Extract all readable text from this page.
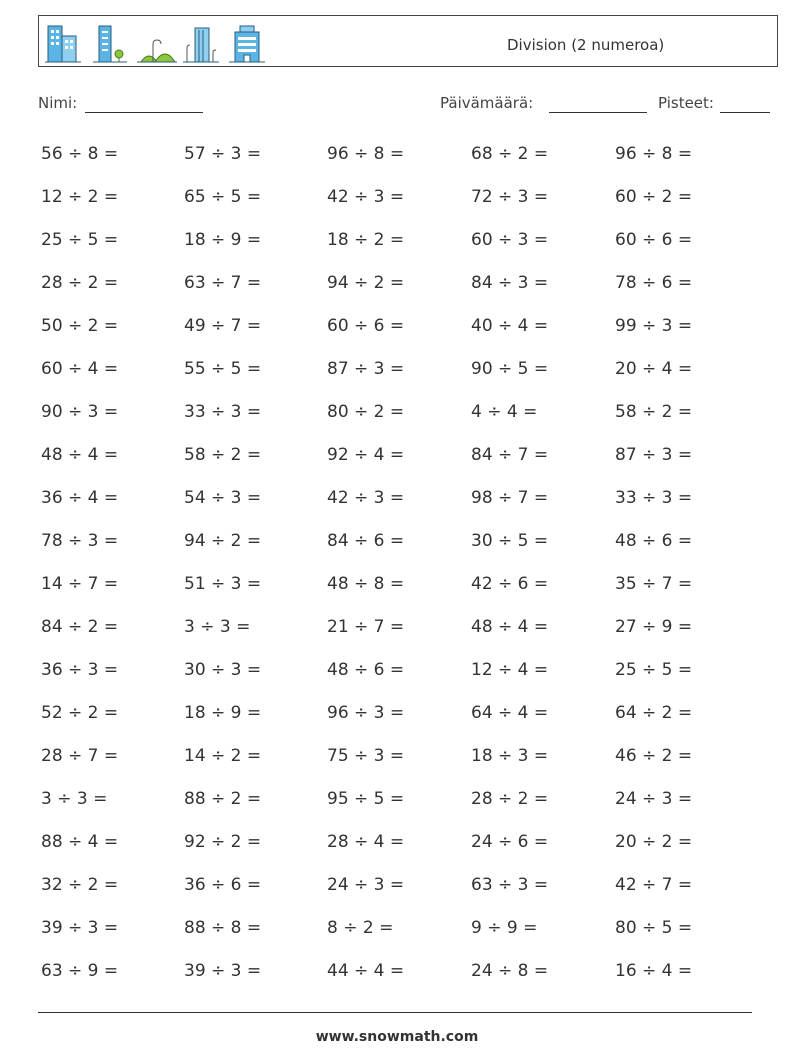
Division (2 numeroa)
Nimi:	Päivämäärä:	Pisteet:
56 ÷ 8 =	57 ÷ 3 =	96 ÷ 8 =	68 ÷ 2 =	96 ÷ 8 =
12 ÷ 2 =	65 ÷ 5 =	42 ÷ 3 =	72 ÷ 3 =	60 ÷ 2 =
25 ÷ 5 =	18 ÷ 9 =	18 ÷ 2 =	60 ÷ 3 =	60 ÷ 6 =
28 ÷ 2 =	63 ÷ 7 =	94 ÷ 2 =	84 ÷ 3 =	78 ÷ 6 =
50 ÷ 2 =	49 ÷ 7 =	60 ÷ 6 =	40 ÷ 4 =	99 ÷ 3 =
60 ÷ 4 =	55 ÷ 5 =	87 ÷ 3 =	90 ÷ 5 =	20 ÷ 4 =
90 ÷ 3 =	33 ÷ 3 =	80 ÷ 2 =	4 ÷ 4 =	58 ÷ 2 =
48 ÷ 4 =	58 ÷ 2 =	92 ÷ 4 =	84 ÷ 7 =	87 ÷ 3 =
36 ÷ 4 =	54 ÷ 3 =	42 ÷ 3 =	98 ÷ 7 =	33 ÷ 3 =
78 ÷ 3 =	94 ÷ 2 =	84 ÷ 6 =	30 ÷ 5 =	48 ÷ 6 =
14 ÷ 7 =	51 ÷ 3 =	48 ÷ 8 =	42 ÷ 6 =	35 ÷ 7 =
84 ÷ 2 =	3 ÷ 3 =	21 ÷ 7 =	48 ÷ 4 =	27 ÷ 9 =
36 ÷ 3 =	30 ÷ 3 =	48 ÷ 6 =	12 ÷ 4 =	25 ÷ 5 =
52 ÷ 2 =	18 ÷ 9 =	96 ÷ 3 =	64 ÷ 4 =	64 ÷ 2 =
28 ÷ 7 =	14 ÷ 2 =	75 ÷ 3 =	18 ÷ 3 =	46 ÷ 2 =
3 ÷ 3 =	88 ÷ 2 =	95 ÷ 5 =	28 ÷ 2 =	24 ÷ 3 =
88 ÷ 4 =	92 ÷ 2 =	28 ÷ 4 =	24 ÷ 6 =	20 ÷ 2 =
32 ÷ 2 =	36 ÷ 6 =	24 ÷ 3 =	63 ÷ 3 =	42 ÷ 7 =
39 ÷ 3 =	88 ÷ 8 =	8 ÷ 2 =	9 ÷ 9 =	80 ÷ 5 =
63 ÷ 9 =	39 ÷ 3 =	44 ÷ 4 =	24 ÷ 8 =	16 ÷ 4 =
www.snowmath.com
